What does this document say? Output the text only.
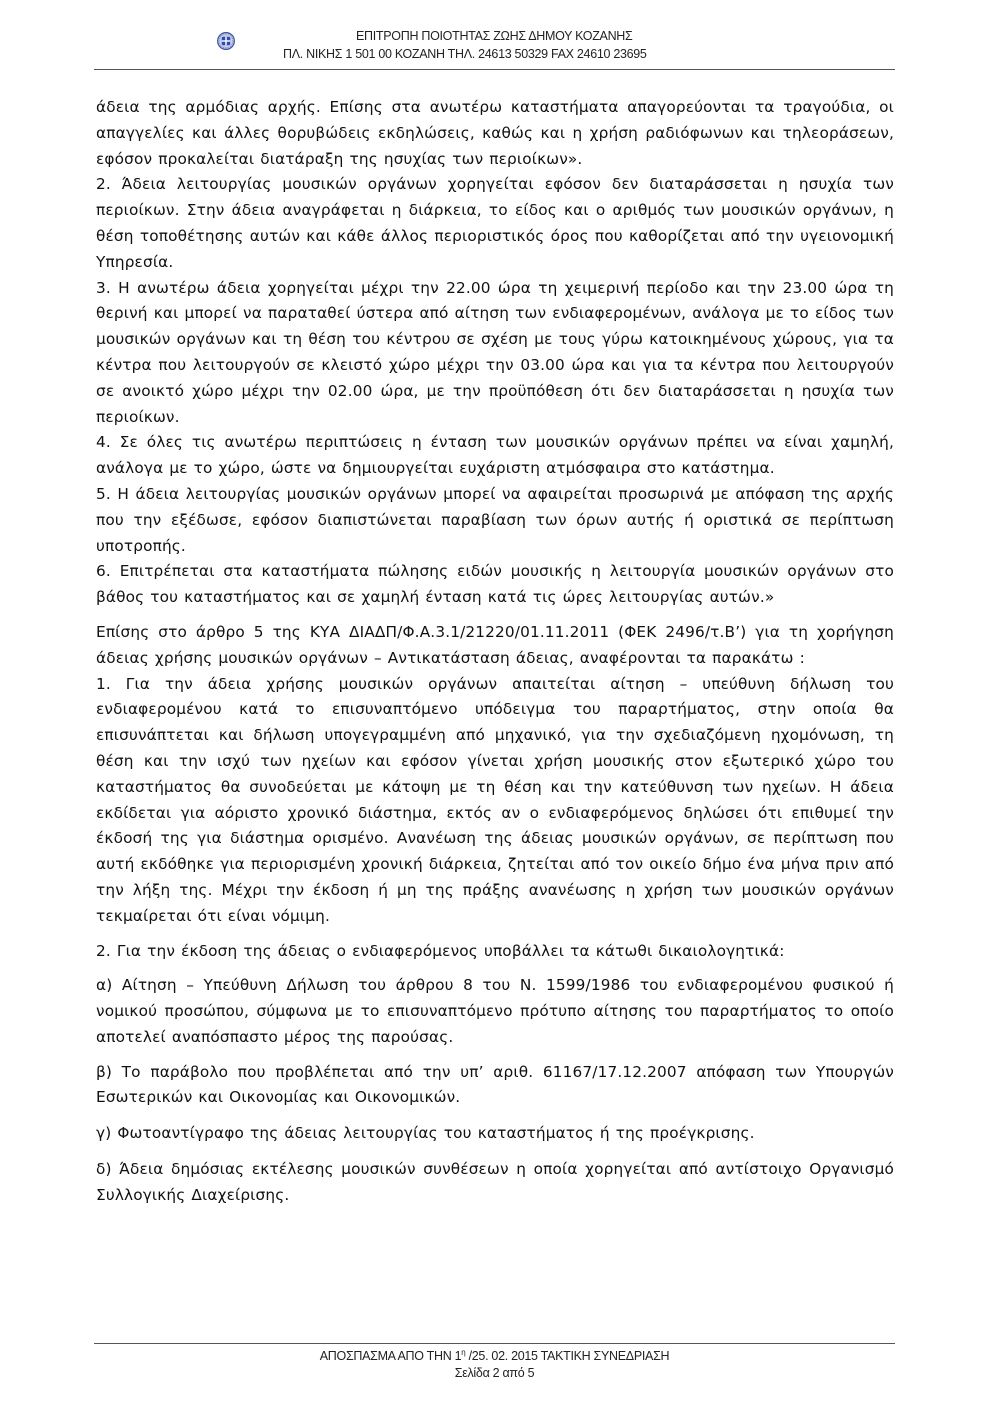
ΕΠΙΤΡΟΠΗ ΠΟΙΟΤΗΤΑΣ ΖΩΗΣ ΔΗΜΟΥ ΚΟΖΑΝΗΣ
ΠΛ. ΝΙΚΗΣ 1 501 00 ΚΟΖΑΝΗ ΤΗΛ. 24613 50329 FAX 24610 23695

άδεια της αρμόδιας αρχής. Επίσης στα ανωτέρω καταστήματα απαγορεύονται τα τραγούδια, οι απαγγελίες και άλλες θορυβώδεις εκδηλώσεις, καθώς και η χρήση ραδιόφωνων και τηλεοράσεων, εφόσον προκαλείται διατάραξη της ησυχίας των περιοίκων».

2. Άδεια λειτουργίας μουσικών οργάνων χορηγείται εφόσον δεν διαταράσσεται η ησυχία των περιοίκων. Στην άδεια αναγράφεται η διάρκεια, το είδος και ο αριθμός των μουσικών οργάνων, η θέση τοποθέτησης αυτών και κάθε άλλος περιοριστικός όρος που καθορίζεται από την υγειονομική Υπηρεσία.

3. Η ανωτέρω άδεια χορηγείται μέχρι την 22.00 ώρα τη χειμερινή περίοδο και την 23.00 ώρα τη θερινή και μπορεί να παραταθεί ύστερα από αίτηση των ενδιαφερομένων, ανάλογα με το είδος των μουσικών οργάνων και τη θέση του κέντρου σε σχέση με τους γύρω κατοικημένους χώρους, για τα κέντρα που λειτουργούν σε κλειστό χώρο μέχρι την 03.00 ώρα και για τα κέντρα που λειτουργούν σε ανοικτό χώρο μέχρι την 02.00 ώρα, με την προϋπόθεση ότι δεν διαταράσσεται η ησυχία των περιοίκων.

4. Σε όλες τις ανωτέρω περιπτώσεις η ένταση των μουσικών οργάνων πρέπει να είναι χαμηλή, ανάλογα με το χώρο, ώστε να δημιουργείται ευχάριστη ατμόσφαιρα στο κατάστημα.

5. Η άδεια λειτουργίας μουσικών οργάνων μπορεί να αφαιρείται προσωρινά με απόφαση της αρχής που την εξέδωσε, εφόσον διαπιστώνεται παραβίαση των όρων αυτής ή οριστικά σε περίπτωση υποτροπής.

6. Επιτρέπεται στα καταστήματα πώλησης ειδών μουσικής η λειτουργία μουσικών οργάνων στο βάθος του καταστήματος και σε χαμηλή ένταση κατά τις ώρες λειτουργίας αυτών.»

Επίσης στο άρθρο 5 της ΚΥΑ ΔΙΑΔΠ/Φ.Α.3.1/21220/01.11.2011 (ΦΕΚ 2496/τ.Β’) για τη χορήγηση άδειας χρήσης μουσικών οργάνων – Αντικατάσταση άδειας, αναφέρονται τα παρακάτω :

1. Για την άδεια χρήσης μουσικών οργάνων απαιτείται αίτηση – υπεύθυνη δήλωση του ενδιαφερομένου κατά το επισυναπτόμενο υπόδειγμα του παραρτήματος, στην οποία θα επισυνάπτεται και δήλωση υπογεγραμμένη από μηχανικό, για την σχεδιαζόμενη ηχομόνωση, τη θέση και την ισχύ των ηχείων και εφόσον γίνεται χρήση μουσικής στον εξωτερικό χώρο του καταστήματος θα συνοδεύεται με κάτοψη με τη θέση και την κατεύθυνση των ηχείων. Η άδεια εκδίδεται για αόριστο χρονικό διάστημα, εκτός αν ο ενδιαφερόμενος δηλώσει ότι επιθυμεί την έκδοσή της για διάστημα ορισμένο. Ανανέωση της άδειας μουσικών οργάνων, σε περίπτωση που αυτή εκδόθηκε για περιορισμένη χρονική διάρκεια, ζητείται από τον οικείο δήμο ένα μήνα πριν από την λήξη της. Μέχρι την έκδοση ή μη της πράξης ανανέωσης η χρήση των μουσικών οργάνων τεκμαίρεται ότι είναι νόμιμη.

2. Για την έκδοση της άδειας ο ενδιαφερόμενος υποβάλλει τα κάτωθι δικαιολογητικά:

α) Αίτηση – Υπεύθυνη Δήλωση του άρθρου 8 του Ν. 1599/1986 του ενδιαφερομένου φυσικού ή νομικού προσώπου, σύμφωνα με το επισυναπτόμενο πρότυπο αίτησης του παραρτήματος το οποίο αποτελεί αναπόσπαστο μέρος της παρούσας.

β) Το παράβολο που προβλέπεται από την υπ’ αριθ. 61167/17.12.2007 απόφαση των Υπουργών Εσωτερικών και Οικονομίας και Οικονομικών.

γ) Φωτοαντίγραφο της άδειας λειτουργίας του καταστήματος ή της προέγκρισης.

δ) Άδεια δημόσιας εκτέλεσης μουσικών συνθέσεων η οποία χορηγείται από αντίστοιχο Οργανισμό Συλλογικής Διαχείρισης.

ΑΠΟΣΠΑΣΜΑ ΑΠΟ ΤΗΝ $1^\eta$ /25. 02. 2015 ΤΑΚΤΙΚΗ ΣΥΝΕΔΡΙΑΣΗ
Σελίδα 2 από 5
